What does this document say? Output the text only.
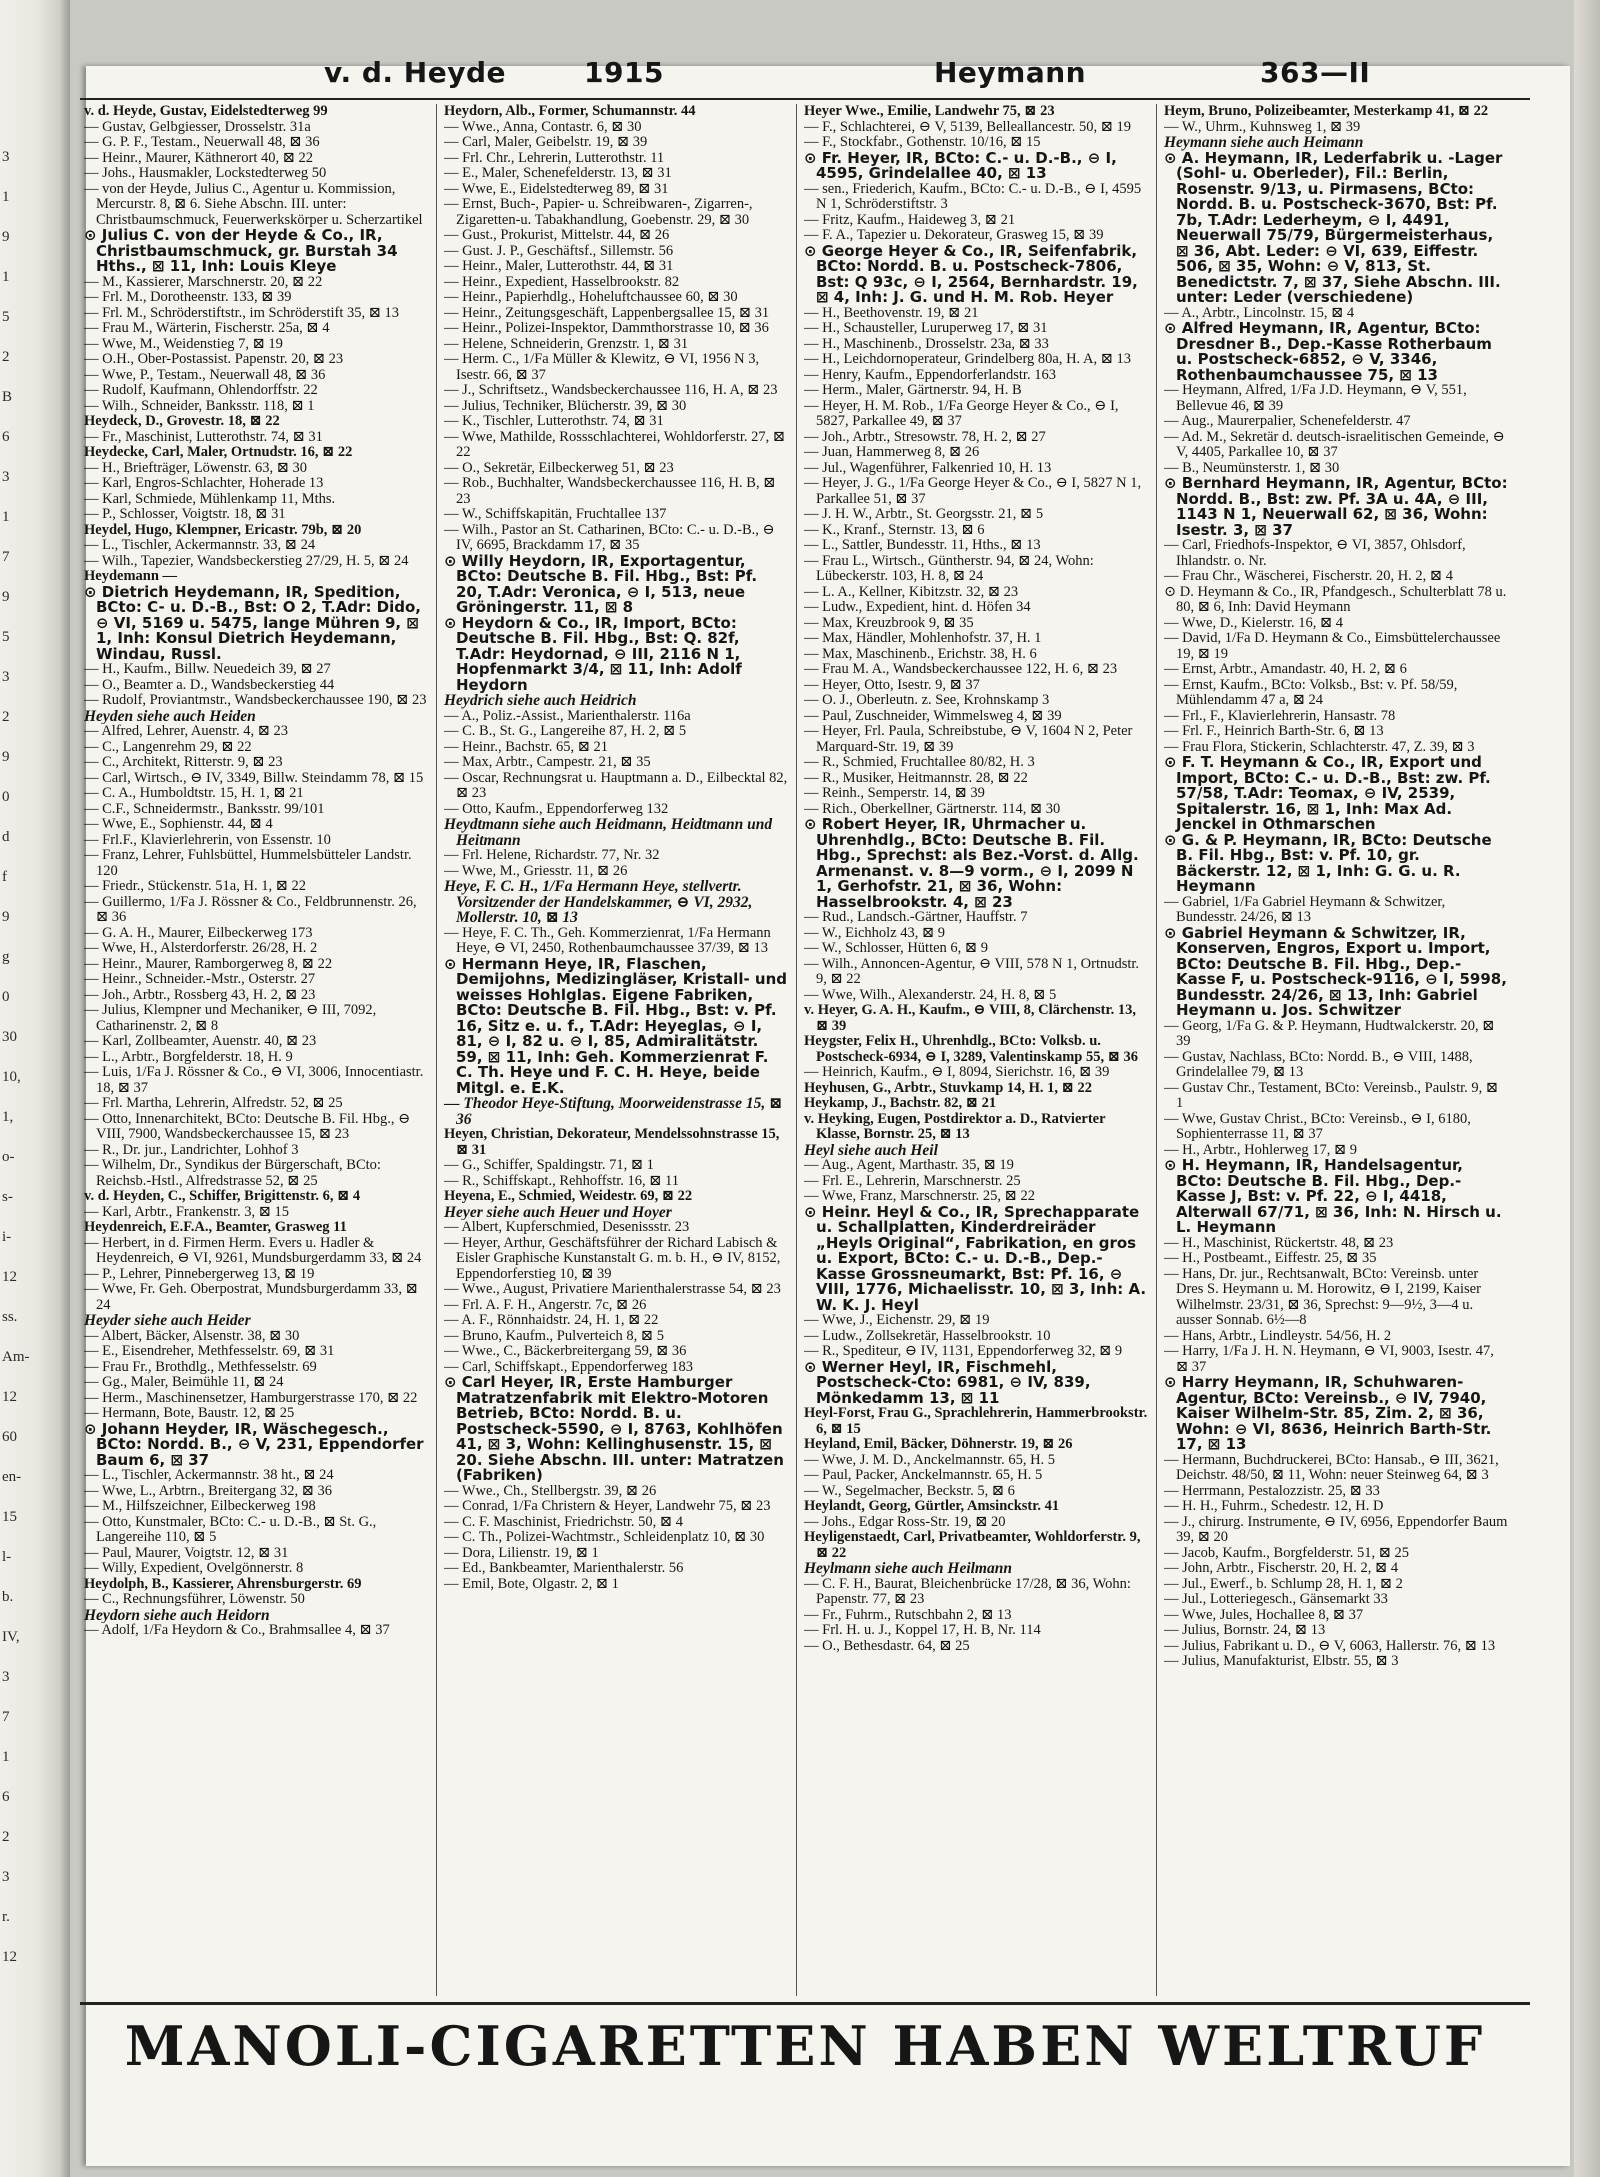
3
1
9
1
5
2
B
6
3
1
7
9
5
3
2
9
0
d
f
9
g
0
30
10,
1,
o-
s-
i-
12
ss.
Am-
12
60
en-
15
l-
b.
IV,
3
7
1
6
2
3
r.
12
v. d. Heyde	1915	Heymann	363—II

v. d. Heyde, Gustav, Eidelstedterweg 99

— Gustav, Gelbgiesser, Drosselstr. 31a

— G. P. F., Testam., Neuerwall 48, ⊠ 36

— Heinr., Maurer, Käthnerort 40, ⊠ 22

— Johs., Hausmakler, Lockstedterweg 50

— von der Heyde, Julius C., Agentur u. Kommission, Mercurstr. 8, ⊠ 6. Siehe Abschn. III. unter: Christbaumschmuck, Feuerwerkskörper u. Scherzartikel

⊙ Julius C. von der Heyde & Co., IR, Christbaumschmuck, gr. Burstah 34 Hths., ⊠ 11, Inh: Louis Kleye

— M., Kassierer, Marschnerstr. 20, ⊠ 22

— Frl. M., Dorotheenstr. 133, ⊠ 39

— Frl. M., Schröderstiftstr., im Schröderstift 35, ⊠ 13

— Frau M., Wärterin, Fischerstr. 25a, ⊠ 4

— Wwe, M., Weidenstieg 7, ⊠ 19

— O.H., Ober-Postassist. Papenstr. 20, ⊠ 23

— Wwe, P., Testam., Neuerwall 48, ⊠ 36

— Rudolf, Kaufmann, Ohlendorffstr. 22

— Wilh., Schneider, Banksstr. 118, ⊠ 1

Heydeck, D., Grovestr. 18, ⊠ 22

— Fr., Maschinist, Lutterothstr. 74, ⊠ 31

Heydecke, Carl, Maler, Ortnudstr. 16, ⊠ 22

— H., Briefträger, Löwenstr. 63, ⊠ 30

— Karl, Engros-Schlachter, Hoherade 13

— Karl, Schmiede, Mühlenkamp 11, Mths.

— P., Schlosser, Voigtstr. 18, ⊠ 31

Heydel, Hugo, Klempner, Ericastr. 79b, ⊠ 20

— L., Tischler, Ackermannstr. 33, ⊠ 24

— Wilh., Tapezier, Wandsbeckerstieg 27/29, H. 5, ⊠ 24

Heydemann —

⊙ Dietrich Heydemann, IR, Spedition, BCto: C- u. D.-B., Bst: O 2, T.Adr: Dido, ⊖ VI, 5169 u. 5475, lange Mühren 9, ⊠ 1, Inh: Konsul Dietrich Heydemann, Windau, Russl.

— H., Kaufm., Billw. Neuedeich 39, ⊠ 27

— O., Beamter a. D., Wandsbeckerstieg 44

— Rudolf, Proviantmstr., Wandsbeckerchaussee 190, ⊠ 23

Heyden siehe auch Heiden

— Alfred, Lehrer, Auenstr. 4, ⊠ 23

— C., Langenrehm 29, ⊠ 22

— C., Architekt, Ritterstr. 9, ⊠ 23

— Carl, Wirtsch., ⊖ IV, 3349, Billw. Steindamm 78, ⊠ 15

— C. A., Humboldtstr. 15, H. 1, ⊠ 21

— C.F., Schneidermstr., Banksstr. 99/101

— Wwe, E., Sophienstr. 44, ⊠ 4

— Frl.F., Klavierlehrerin, von Essenstr. 10

— Franz, Lehrer, Fuhlsbüttel, Hummelsbütteler Landstr. 120

— Friedr., Stückenstr. 51a, H. 1, ⊠ 22

— Guillermo, 1/Fa J. Rössner & Co., Feldbrunnenstr. 26, ⊠ 36

— G. A. H., Maurer, Eilbeckerweg 173

— Wwe, H., Alsterdorferstr. 26/28, H. 2

— Heinr., Maurer, Ramborgerweg 8, ⊠ 22

— Heinr., Schneider.-Mstr., Osterstr. 27

— Joh., Arbtr., Rossberg 43, H. 2, ⊠ 23

— Julius, Klempner und Mechaniker, ⊖ III, 7092, Catharinenstr. 2, ⊠ 8

— Karl, Zollbeamter, Auenstr. 40, ⊠ 23

— L., Arbtr., Borgfelderstr. 18, H. 9

— Luis, 1/Fa J. Rössner & Co., ⊖ VI, 3006, Innocentiastr. 18, ⊠ 37

— Frl. Martha, Lehrerin, Alfredstr. 52, ⊠ 25

— Otto, Innenarchitekt, BCto: Deutsche B. Fil. Hbg., ⊖ VIII, 7900, Wandsbeckerchaussee 15, ⊠ 23

— R., Dr. jur., Landrichter, Lohhof 3

— Wilhelm, Dr., Syndikus der Bürgerschaft, BCto: Reichsb.-Hstl., Alfredstrasse 52, ⊠ 25

v. d. Heyden, C., Schiffer, Brigittenstr. 6, ⊠ 4

— Karl, Arbtr., Frankenstr. 3, ⊠ 15

Heydenreich, E.F.A., Beamter, Grasweg 11

— Herbert, in d. Firmen Herm. Evers u. Hadler & Heydenreich, ⊖ VI, 9261, Mundsburgerdamm 33, ⊠ 24

— P., Lehrer, Pinnebergerweg 13, ⊠ 19

— Wwe, Fr. Geh. Oberpostrat, Mundsburgerdamm 33, ⊠ 24

Heyder siehe auch Heider

— Albert, Bäcker, Alsenstr. 38, ⊠ 30

— E., Eisendreher, Methfesselstr. 69, ⊠ 31

— Frau Fr., Brothdlg., Methfesselstr. 69

— Gg., Maler, Beimühle 11, ⊠ 24

— Herm., Maschinensetzer, Hamburgerstrasse 170, ⊠ 22

— Hermann, Bote, Baustr. 12, ⊠ 25

⊙ Johann Heyder, IR, Wäschegesch., BCto: Nordd. B., ⊖ V, 231, Eppendorfer Baum 6, ⊠ 37

— L., Tischler, Ackermannstr. 38 ht., ⊠ 24

— Wwe, L., Arbtrn., Breitergang 32, ⊠ 36

— M., Hilfszeichner, Eilbeckerweg 198

— Otto, Kunstmaler, BCto: C.- u. D.-B., ⊠ St. G., Langereihe 110, ⊠ 5

— Paul, Maurer, Voigtstr. 12, ⊠ 31

— Willy, Expedient, Ovelgönnerstr. 8

Heydolph, B., Kassierer, Ahrensburgerstr. 69

— C., Rechnungsführer, Löwenstr. 50

Heydorn siehe auch Heidorn

— Adolf, 1/Fa Heydorn & Co., Brahmsallee 4, ⊠ 37

Heydorn, Alb., Former, Schumannstr. 44

— Wwe., Anna, Contastr. 6, ⊠ 30

— Carl, Maler, Geibelstr. 19, ⊠ 39

— Frl. Chr., Lehrerin, Lutterothstr. 11

— E., Maler, Schenefelderstr. 13, ⊠ 31

— Wwe, E., Eidelstedterweg 89, ⊠ 31

— Ernst, Buch-, Papier- u. Schreibwaren-, Zigarren-, Zigaretten-u. Tabakhandlung, Goebenstr. 29, ⊠ 30

— Gust., Prokurist, Mittelstr. 44, ⊠ 26

— Gust. J. P., Geschäftsf., Sillemstr. 56

— Heinr., Maler, Lutterothstr. 44, ⊠ 31

— Heinr., Expedient, Hasselbrookstr. 82

— Heinr., Papierhdlg., Hoheluftchaussee 60, ⊠ 30

— Heinr., Zeitungsgeschäft, Lappenbergsallee 15, ⊠ 31

— Heinr., Polizei-Inspektor, Dammthorstrasse 10, ⊠ 36

— Helene, Schneiderin, Grenzstr. 1, ⊠ 31

— Herm. C., 1/Fa Müller & Klewitz, ⊖ VI, 1956 N 3, Isestr. 66, ⊠ 37

— J., Schriftsetz., Wandsbeckerchaussee 116, H. A, ⊠ 23

— Julius, Techniker, Blücherstr. 39, ⊠ 30

— K., Tischler, Lutterothstr. 74, ⊠ 31

— Wwe, Mathilde, Rossschlachterei, Wohldorferstr. 27, ⊠ 22

— O., Sekretär, Eilbeckerweg 51, ⊠ 23

— Rob., Buchhalter, Wandsbeckerchaussee 116, H. B, ⊠ 23

— W., Schiffskapitän, Fruchtallee 137

— Wilh., Pastor an St. Catharinen, BCto: C.- u. D.-B., ⊖ IV, 6695, Brackdamm 17, ⊠ 35

⊙ Willy Heydorn, IR, Exportagentur, BCto: Deutsche B. Fil. Hbg., Bst: Pf. 20, T.Adr: Veronica, ⊖ I, 513, neue Gröningerstr. 11, ⊠ 8

⊙ Heydorn & Co., IR, Import, BCto: Deutsche B. Fil. Hbg., Bst: Q. 82f, T.Adr: Heydornad, ⊖ III, 2116 N 1, Hopfenmarkt 3/4, ⊠ 11, Inh: Adolf Heydorn

Heydrich siehe auch Heidrich

— A., Poliz.-Assist., Marienthalerstr. 116a

— C. B., St. G., Langereihe 87, H. 2, ⊠ 5

— Heinr., Bachstr. 65, ⊠ 21

— Max, Arbtr., Campestr. 21, ⊠ 35

— Oscar, Rechnungsrat u. Hauptmann a. D., Eilbecktal 82, ⊠ 23

— Otto, Kaufm., Eppendorferweg 132

Heydtmann siehe auch Heidmann, Heidtmann und Heitmann

— Frl. Helene, Richardstr. 77, Nr. 32

— Wwe, M., Griesstr. 11, ⊠ 26

Heye, F. C. H., 1/Fa Hermann Heye, stellvertr. Vorsitzender der Handelskammer, ⊖ VI, 2932, Mollerstr. 10, ⊠ 13

— Heye, F. C. Th., Geh. Kommerzienrat, 1/Fa Hermann Heye, ⊖ VI, 2450, Rothenbaumchaussee 37/39, ⊠ 13

⊙ Hermann Heye, IR, Flaschen, Demijohns, Medizingläser, Kristall- und weisses Hohlglas. Eigene Fabriken, BCto: Deutsche B. Fil. Hbg., Bst: v. Pf. 16, Sitz e. u. f., T.Adr: Heyeglas, ⊖ I, 81, ⊖ I, 82 u. ⊖ I, 85, Admiralitätstr. 59, ⊠ 11, Inh: Geh. Kommerzienrat F. C. Th. Heye und F. C. H. Heye, beide Mitgl. e. E.K.

— Theodor Heye-Stiftung, Moorweidenstrasse 15, ⊠ 36

Heyen, Christian, Dekorateur, Mendelssohnstrasse 15, ⊠ 31

— G., Schiffer, Spaldingstr. 71, ⊠ 1

— R., Schiffskapt., Rehhoffstr. 16, ⊠ 11

Heyena, E., Schmied, Weidestr. 69, ⊠ 22

Heyer siehe auch Heuer und Hoyer

— Albert, Kupferschmied, Desenissstr. 23

— Heyer, Arthur, Geschäftsführer der Richard Labisch & Eisler Graphische Kunstanstalt G. m. b. H., ⊖ IV, 8152, Eppendorferstieg 10, ⊠ 39

— Wwe., August, Privatiere Marienthalerstrasse 54, ⊠ 23

— Frl. A. F. H., Angerstr. 7c, ⊠ 26

— A. F., Rönnhaidstr. 24, H. 1, ⊠ 22

— Bruno, Kaufm., Pulverteich 8, ⊠ 5

— Wwe., C., Bäckerbreitergang 59, ⊠ 36

— Carl, Schiffskapt., Eppendorferweg 183

⊙ Carl Heyer, IR, Erste Hamburger Matratzenfabrik mit Elektro-Motoren Betrieb, BCto: Nordd. B. u. Postscheck-5590, ⊖ I, 8763, Kohlhöfen 41, ⊠ 3, Wohn: Kellinghusenstr. 15, ⊠ 20. Siehe Abschn. III. unter: Matratzen (Fabriken)

— Wwe., Ch., Stellbergstr. 39, ⊠ 26

— Conrad, 1/Fa Christern & Heyer, Landwehr 75, ⊠ 23

— C. F. Maschinist, Friedrichstr. 50, ⊠ 4

— C. Th., Polizei-Wachtmstr., Schleidenplatz 10, ⊠ 30

— Dora, Lilienstr. 19, ⊠ 1

— Ed., Bankbeamter, Marienthalerstr. 56

— Emil, Bote, Olgastr. 2, ⊠ 1

Heyer Wwe., Emilie, Landwehr 75, ⊠ 23

— F., Schlachterei, ⊖ V, 5139, Belleallancestr. 50, ⊠ 19

— F., Stockfabr., Gothenstr. 10/16, ⊠ 15

⊙ Fr. Heyer, IR, BCto: C.- u. D.-B., ⊖ I, 4595, Grindelallee 40, ⊠ 13

— sen., Friederich, Kaufm., BCto: C.- u. D.-B., ⊖ I, 4595 N 1, Schröderstiftstr. 3

— Fritz, Kaufm., Haideweg 3, ⊠ 21

— F. A., Tapezier u. Dekorateur, Grasweg 15, ⊠ 39

⊙ George Heyer & Co., IR, Seifenfabrik, BCto: Nordd. B. u. Postscheck-7806, Bst: Q 93c, ⊖ I, 2564, Bernhardstr. 19, ⊠ 4, Inh: J. G. und H. M. Rob. Heyer

— H., Beethovenstr. 19, ⊠ 21

— H., Schausteller, Luruperweg 17, ⊠ 31

— H., Maschinenb., Drosselstr. 23a, ⊠ 33

— H., Leichdornoperateur, Grindelberg 80a, H. A, ⊠ 13

— Henry, Kaufm., Eppendorferlandstr. 163

— Herm., Maler, Gärtnerstr. 94, H. B

— Heyer, H. M. Rob., 1/Fa George Heyer & Co., ⊖ I, 5827, Parkallee 49, ⊠ 37

— Joh., Arbtr., Stresowstr. 78, H. 2, ⊠ 27

— Juan, Hammerweg 8, ⊠ 26

— Jul., Wagenführer, Falkenried 10, H. 13

— Heyer, J. G., 1/Fa George Heyer & Co., ⊖ I, 5827 N 1, Parkallee 51, ⊠ 37

— J. H. W., Arbtr., St. Georgsstr. 21, ⊠ 5

— K., Kranf., Sternstr. 13, ⊠ 6

— L., Sattler, Bundesstr. 11, Hths., ⊠ 13

— Frau L., Wirtsch., Güntherstr. 94, ⊠ 24, Wohn: Lübeckerstr. 103, H. 8, ⊠ 24

— L. A., Kellner, Kibitzstr. 32, ⊠ 23

— Ludw., Expedient, hint. d. Höfen 34

— Max, Kreuzbrook 9, ⊠ 35

— Max, Händler, Mohlenhofstr. 37, H. 1

— Max, Maschinenb., Erichstr. 38, H. 6

— Frau M. A., Wandsbeckerchaussee 122, H. 6, ⊠ 23

— Heyer, Otto, Isestr. 9, ⊠ 37

— O. J., Oberleutn. z. See, Krohnskamp 3

— Paul, Zuschneider, Wimmelsweg 4, ⊠ 39

— Heyer, Frl. Paula, Schreibstube, ⊖ V, 1604 N 2, Peter Marquard-Str. 19, ⊠ 39

— R., Schmied, Fruchtallee 80/82, H. 3

— R., Musiker, Heitmannstr. 28, ⊠ 22

— Reinh., Semperstr. 14, ⊠ 39

— Rich., Oberkellner, Gärtnerstr. 114, ⊠ 30

⊙ Robert Heyer, IR, Uhrmacher u. Uhrenhdlg., BCto: Deutsche B. Fil. Hbg., Sprechst: als Bez.-Vorst. d. Allg. Armenanst. v. 8—9 vorm., ⊖ I, 2099 N 1, Gerhofstr. 21, ⊠ 36, Wohn: Hasselbrookstr. 4, ⊠ 23

— Rud., Landsch.-Gärtner, Hauffstr. 7

— W., Eichholz 43, ⊠ 9

— W., Schlosser, Hütten 6, ⊠ 9

— Wilh., Annoncen-Agentur, ⊖ VIII, 578 N 1, Ortnudstr. 9, ⊠ 22

— Wwe, Wilh., Alexanderstr. 24, H. 8, ⊠ 5

v. Heyer, G. A. H., Kaufm., ⊖ VIII, 8, Clärchenstr. 13, ⊠ 39

Heygster, Felix H., Uhrenhdlg., BCto: Volksb. u. Postscheck-6934, ⊖ I, 3289, Valentinskamp 55, ⊠ 36

— Heinrich, Kaufm., ⊖ I, 8094, Sierichstr. 16, ⊠ 39

Heyhusen, G., Arbtr., Stuvkamp 14, H. 1, ⊠ 22

Heykamp, J., Bachstr. 82, ⊠ 21

v. Heyking, Eugen, Postdirektor a. D., Ratvierter Klasse, Bornstr. 25, ⊠ 13

Heyl siehe auch Heil

— Aug., Agent, Marthastr. 35, ⊠ 19

— Frl. E., Lehrerin, Marschnerstr. 25

— Wwe, Franz, Marschnerstr. 25, ⊠ 22

⊙ Heinr. Heyl & Co., IR, Sprechapparate u. Schallplatten, Kinderdreiräder „Heyls Original“, Fabrikation, en gros u. Export, BCto: C.- u. D.-B., Dep.-Kasse Grossneumarkt, Bst: Pf. 16, ⊖ VIII, 1776, Michaelisstr. 10, ⊠ 3, Inh: A. W. K. J. Heyl

— Wwe, J., Eichenstr. 29, ⊠ 19

— Ludw., Zollsekretär, Hasselbrookstr. 10

— R., Spediteur, ⊖ IV, 1131, Eppendorferweg 32, ⊠ 9

⊙ Werner Heyl, IR, Fischmehl, Postscheck-Cto: 6981, ⊖ IV, 839, Mönkedamm 13, ⊠ 11

Heyl-Forst, Frau G., Sprachlehrerin, Hammerbrookstr. 6, ⊠ 15

Heyland, Emil, Bäcker, Döhnerstr. 19, ⊠ 26

— Wwe, J. M. D., Anckelmannstr. 65, H. 5

— Paul, Packer, Anckelmannstr. 65, H. 5

— W., Segelmacher, Beckstr. 5, ⊠ 6

Heylandt, Georg, Gürtler, Amsinckstr. 41

— Johs., Edgar Ross-Str. 19, ⊠ 20

Heyligenstaedt, Carl, Privatbeamter, Wohldorferstr. 9, ⊠ 22

Heylmann siehe auch Heilmann

— C. F. H., Baurat, Bleichenbrücke 17/28, ⊠ 36, Wohn: Papenstr. 77, ⊠ 23

— Fr., Fuhrm., Rutschbahn 2, ⊠ 13

— Frl. H. u. J., Koppel 17, H. B, Nr. 114

— O., Bethesdastr. 64, ⊠ 25

Heym, Bruno, Polizeibeamter, Mesterkamp 41, ⊠ 22

— W., Uhrm., Kuhnsweg 1, ⊠ 39

Heymann siehe auch Heimann

⊙ A. Heymann, IR, Lederfabrik u. -Lager (Sohl- u. Oberleder), Fil.: Berlin, Rosenstr. 9/13, u. Pirmasens, BCto: Nordd. B. u. Postscheck-3670, Bst: Pf. 7b, T.Adr: Lederheym, ⊖ I, 4491, Neuerwall 75/79, Bürgermeisterhaus, ⊠ 36, Abt. Leder: ⊖ VI, 639, Eiffestr. 506, ⊠ 35, Wohn: ⊖ V, 813, St. Benedictstr. 7, ⊠ 37, Siehe Abschn. III. unter: Leder (verschiedene)

— A., Arbtr., Lincolnstr. 15, ⊠ 4

⊙ Alfred Heymann, IR, Agentur, BCto: Dresdner B., Dep.-Kasse Rotherbaum u. Postscheck-6852, ⊖ V, 3346, Rothenbaumchaussee 75, ⊠ 13

— Heymann, Alfred, 1/Fa J.D. Heymann, ⊖ V, 551, Bellevue 46, ⊠ 39

— Aug., Maurerpalier, Schenefelderstr. 47

— Ad. M., Sekretär d. deutsch-israelitischen Gemeinde, ⊖ V, 4405, Parkallee 10, ⊠ 37

— B., Neumünsterstr. 1, ⊠ 30

⊙ Bernhard Heymann, IR, Agentur, BCto: Nordd. B., Bst: zw. Pf. 3A u. 4A, ⊖ III, 1143 N 1, Neuerwall 62, ⊠ 36, Wohn: Isestr. 3, ⊠ 37

— Carl, Friedhofs-Inspektor, ⊖ VI, 3857, Ohlsdorf, Ihlandstr. o. Nr.

— Frau Chr., Wäscherei, Fischerstr. 20, H. 2, ⊠ 4

⊙ D. Heymann & Co., IR, Pfandgesch., Schulterblatt 78 u. 80, ⊠ 6, Inh: David Heymann

— Wwe, D., Kielerstr. 16, ⊠ 4

— David, 1/Fa D. Heymann & Co., Eimsbüttelerchaussee 19, ⊠ 19

— Ernst, Arbtr., Amandastr. 40, H. 2, ⊠ 6

— Ernst, Kaufm., BCto: Volksb., Bst: v. Pf. 58/59, Mühlendamm 47 a, ⊠ 24

— Frl., F., Klavierlehrerin, Hansastr. 78

— Frl. F., Heinrich Barth-Str. 6, ⊠ 13

— Frau Flora, Stickerin, Schlachterstr. 47, Z. 39, ⊠ 3

⊙ F. T. Heymann & Co., IR, Export und Import, BCto: C.- u. D.-B., Bst: zw. Pf. 57/58, T.Adr: Teomax, ⊖ IV, 2539, Spitalerstr. 16, ⊠ 1, Inh: Max Ad. Jenckel in Othmarschen

⊙ G. & P. Heymann, IR, BCto: Deutsche B. Fil. Hbg., Bst: v. Pf. 10, gr. Bäckerstr. 12, ⊠ 1, Inh: G. G. u. R. Heymann

— Gabriel, 1/Fa Gabriel Heymann & Schwitzer, Bundesstr. 24/26, ⊠ 13

⊙ Gabriel Heymann & Schwitzer, IR, Konserven, Engros, Export u. Import, BCto: Deutsche B. Fil. Hbg., Dep.-Kasse F, u. Postscheck-9116, ⊖ I, 5998, Bundesstr. 24/26, ⊠ 13, Inh: Gabriel Heymann u. Jos. Schwitzer

— Georg, 1/Fa G. & P. Heymann, Hudtwalckerstr. 20, ⊠ 39

— Gustav, Nachlass, BCto: Nordd. B., ⊖ VIII, 1488, Grindelallee 79, ⊠ 13

— Gustav Chr., Testament, BCto: Vereinsb., Paulstr. 9, ⊠ 1

— Wwe, Gustav Christ., BCto: Vereinsb., ⊖ I, 6180, Sophienterrasse 11, ⊠ 37

— H., Arbtr., Hohlerweg 17, ⊠ 9

⊙ H. Heymann, IR, Handelsagentur, BCto: Deutsche B. Fil. Hbg., Dep.-Kasse J, Bst: v. Pf. 22, ⊖ I, 4418, Alterwall 67/71, ⊠ 36, Inh: N. Hirsch u. L. Heymann

— H., Maschinist, Rückertstr. 48, ⊠ 23

— H., Postbeamt., Eiffestr. 25, ⊠ 35

— Hans, Dr. jur., Rechtsanwalt, BCto: Vereinsb. unter Dres S. Heymann u. M. Horowitz, ⊖ I, 2199, Kaiser Wilhelmstr. 23/31, ⊠ 36, Sprechst: 9—9½, 3—4 u. ausser Sonnab. 6½—8

— Hans, Arbtr., Lindleystr. 54/56, H. 2

— Harry, 1/Fa J. H. N. Heymann, ⊖ VI, 9003, Isestr. 47, ⊠ 37

⊙ Harry Heymann, IR, Schuhwaren-Agentur, BCto: Vereinsb., ⊖ IV, 7940, Kaiser Wilhelm-Str. 85, Zim. 2, ⊠ 36, Wohn: ⊖ VI, 8636, Heinrich Barth-Str. 17, ⊠ 13

— Hermann, Buchdruckerei, BCto: Hansab., ⊖ III, 3621, Deichstr. 48/50, ⊠ 11, Wohn: neuer Steinweg 64, ⊠ 3

— Herrmann, Pestalozzistr. 25, ⊠ 33

— H. H., Fuhrm., Schedestr. 12, H. D

— J., chirurg. Instrumente, ⊖ IV, 6956, Eppendorfer Baum 39, ⊠ 20

— Jacob, Kaufm., Borgfelderstr. 51, ⊠ 25

— John, Arbtr., Fischerstr. 20, H. 2, ⊠ 4

— Jul., Ewerf., b. Schlump 28, H. 1, ⊠ 2

— Jul., Lotteriegesch., Gänsemarkt 33

— Wwe, Jules, Hochallee 8, ⊠ 37

— Julius, Bornstr. 24, ⊠ 13

— Julius, Fabrikant u. D., ⊖ V, 6063, Hallerstr. 76, ⊠ 13

— Julius, Manufakturist, Elbstr. 55, ⊠ 3

MANOLI-CIGARETTEN HABEN WELTRUF
